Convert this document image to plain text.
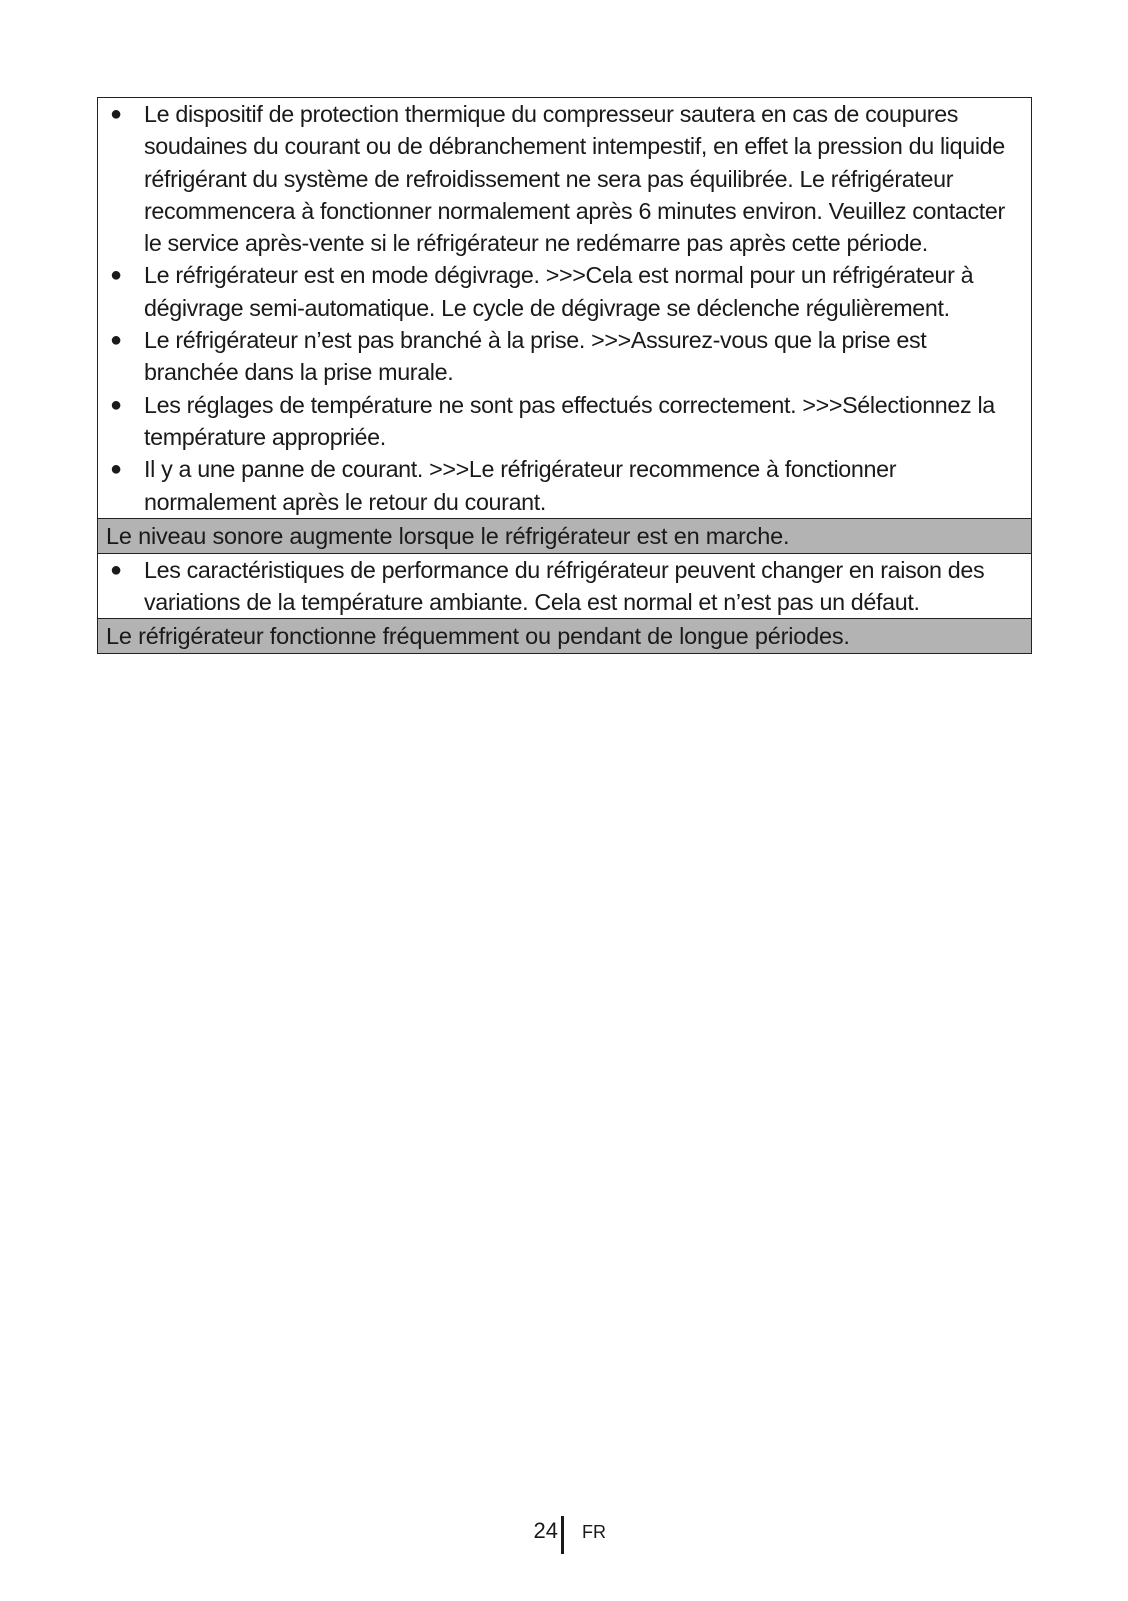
● Le dispositif de protection thermique du compresseur sautera en cas de coupures soudaines du courant ou de débranchement intempestif, en effet la pression du liquide réfrigérant du système de refroidissement ne sera pas équilibrée. Le réfrigérateur recommencera à fonctionner normalement après 6 minutes environ. Veuillez contacter le service après-vente si le réfrigérateur ne redémarre pas après cette période.
● Le réfrigérateur est en mode dégivrage. >>>Cela est normal pour un réfrigérateur à dégivrage semi-automatique. Le cycle de dégivrage se déclenche régulièrement.
● Le réfrigérateur n’est pas branché à la prise. >>>Assurez-vous que la prise est branchée dans la prise murale.
● Les réglages de température ne sont pas effectués correctement. >>>Sélectionnez la température appropriée.
● Il y a une panne de courant. >>>Le réfrigérateur recommence à fonctionner normalement après le retour du courant.
Le niveau sonore augmente lorsque le réfrigérateur est en marche.
● Les caractéristiques de performance du réfrigérateur peuvent changer en raison des variations de la température ambiante. Cela est normal et n’est pas un défaut.
Le réfrigérateur fonctionne fréquemment ou pendant de longue périodes.
24 FR
